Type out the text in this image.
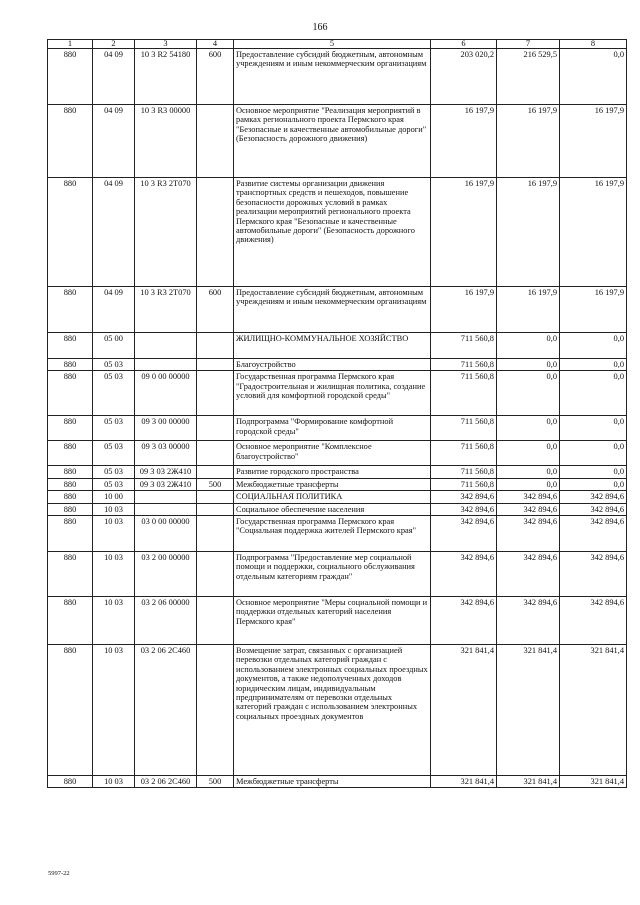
166
1	2	3	4	5	6	7	8
880	04 09	10 3 R2 54180	600	Предоставление субсидий бюджетным, автономным учреждениям и иным некоммерческим организациям	203 020,2	216 529,5	0,0
880	04 09	10 3 R3 00000		Основное мероприятие "Реализация мероприятий в рамках регионального проекта Пермского края "Безопасные и качественные автомобильные дороги" (Безопасность дорожного движения)	16 197,9	16 197,9	16 197,9
880	04 09	10 3 R3 2Т070		Развитие системы организации движения транспортных средств и пешеходов, повышение безопасности дорожных условий в рамках реализации мероприятий регионального проекта Пермского края "Безопасные и качественные автомобильные дороги" (Безопасность дорожного движения)	16 197,9	16 197,9	16 197,9
880	04 09	10 3 R3 2Т070	600	Предоставление субсидий бюджетным, автономным учреждениям и иным некоммерческим организациям	16 197,9	16 197,9	16 197,9
880	05 00			ЖИЛИЩНО-КОММУНАЛЬНОЕ ХОЗЯЙСТВО	711 560,8	0,0	0,0
880	05 03			Благоустройство	711 560,8	0,0	0,0
880	05 03	09 0 00 00000		Государственная программа Пермского края "Градостроительная и жилищная политика, создание условий для комфортной городской среды"	711 560,8	0,0	0,0
880	05 03	09 3 00 00000		Подпрограмма "Формирование комфортной городской среды"	711 560,8	0,0	0,0
880	05 03	09 3 03 00000		Основное мероприятие "Комплексное благоустройство"	711 560,8	0,0	0,0
880	05 03	09 3 03 2Ж410		Развитие городского пространства	711 560,8	0,0	0,0
880	05 03	09 3 03 2Ж410	500	Межбюджетные трансферты	711 560,8	0,0	0,0
880	10 00			СОЦИАЛЬНАЯ ПОЛИТИКА	342 894,6	342 894,6	342 894,6
880	10 03			Социальное обеспечение населения	342 894,6	342 894,6	342 894,6
880	10 03	03 0 00 00000		Государственная программа Пермского края "Социальная поддержка жителей Пермского края"	342 894,6	342 894,6	342 894,6
880	10 03	03 2 00 00000		Подпрограмма "Предоставление мер социальной помощи и поддержки, социального обслуживания отдельным категориям граждан"	342 894,6	342 894,6	342 894,6
880	10 03	03 2 06 00000		Основное мероприятие "Меры социальной помощи и поддержки отдельных категорий населения Пермского края"	342 894,6	342 894,6	342 894,6
880	10 03	03 2 06 2С460		Возмещение затрат, связанных с организацией перевозки отдельных категорий граждан с использованием электронных социальных проездных документов, а также недополученных доходов юридическим лицам, индивидуальным предпринимателям от перевозки отдельных категорий граждан с использованием электронных социальных проездных документов	321 841,4	321 841,4	321 841,4
880	10 03	03 2 06 2С460	500	Межбюджетные трансферты	321 841,4	321 841,4	321 841,4
5997-22
